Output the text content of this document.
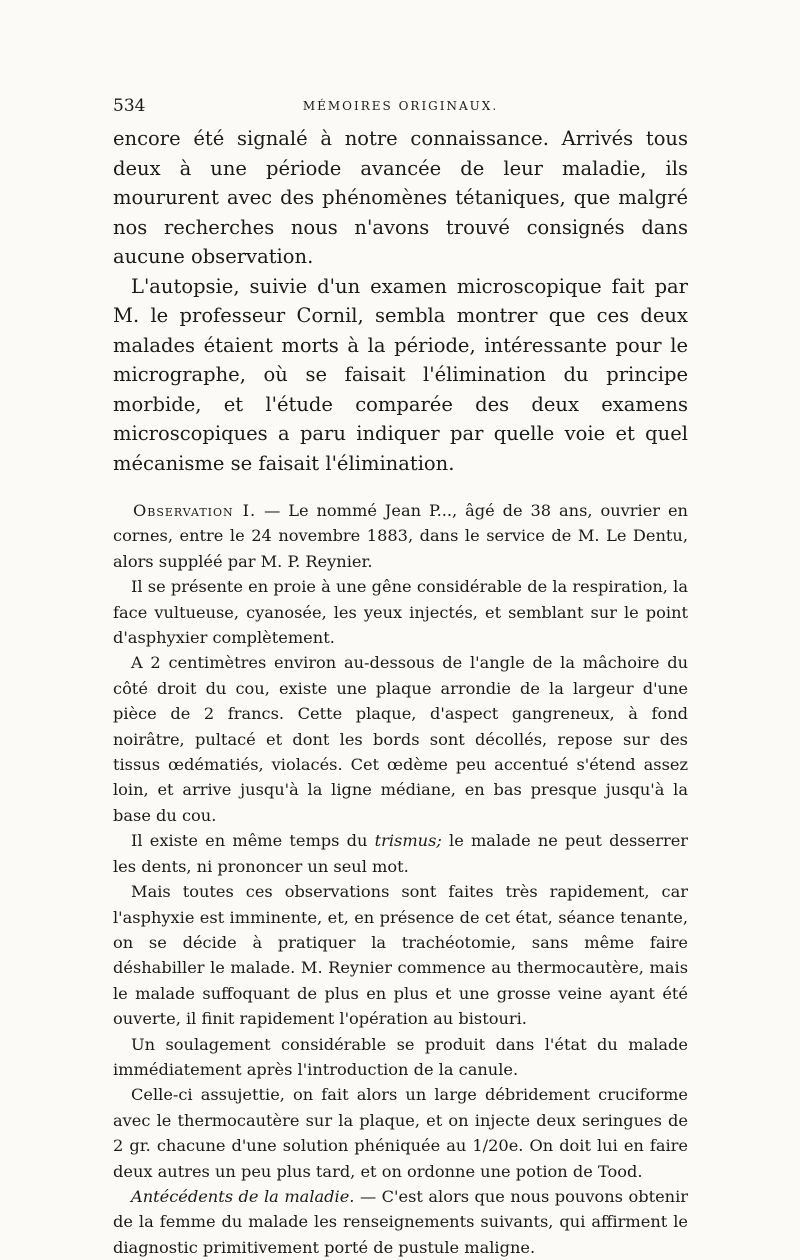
534	MÉMOIRES ORIGINAUX.

encore été signalé à notre connaissance. Arrivés tous deux à une période avancée de leur maladie, ils moururent avec des phénomènes tétaniques, que malgré nos recherches nous n'avons trouvé consignés dans aucune observation.

L'autopsie, suivie d'un examen microscopique fait par M. le professeur Cornil, sembla montrer que ces deux malades étaient morts à la période, intéressante pour le micrographe, où se faisait l'élimination du principe morbide, et l'étude comparée des deux examens microscopiques a paru indiquer par quelle voie et quel mécanisme se faisait l'élimination.

Observation I. — Le nommé Jean P..., âgé de 38 ans, ouvrier en cornes, entre le 24 novembre 1883, dans le service de M. Le Dentu, alors suppléé par M. P. Reynier.

Il se présente en proie à une gêne considérable de la respiration, la face vultueuse, cyanosée, les yeux injectés, et semblant sur le point d'asphyxier complètement.

A 2 centimètres environ au-dessous de l'angle de la mâchoire du côté droit du cou, existe une plaque arrondie de la largeur d'une pièce de 2 francs. Cette plaque, d'aspect gangreneux, à fond noirâtre, pultacé et dont les bords sont décollés, repose sur des tissus œdématiés, violacés. Cet œdème peu accentué s'étend assez loin, et arrive jusqu'à la ligne médiane, en bas presque jusqu'à la base du cou.

Il existe en même temps du trismus; le malade ne peut desserrer les dents, ni prononcer un seul mot.

Mais toutes ces observations sont faites très rapidement, car l'asphyxie est imminente, et, en présence de cet état, séance tenante, on se décide à pratiquer la trachéotomie, sans même faire déshabiller le malade. M. Reynier commence au thermocautère, mais le malade suffoquant de plus en plus et une grosse veine ayant été ouverte, il finit rapidement l'opération au bistouri.

Un soulagement considérable se produit dans l'état du malade immédiatement après l'introduction de la canule.

Celle-ci assujettie, on fait alors un large débridement cruciforme avec le thermocautère sur la plaque, et on injecte deux seringues de 2 gr. chacune d'une solution phéniquée au 1/20e. On doit lui en faire deux autres un peu plus tard, et on ordonne une potion de Tood.

Antécédents de la maladie. — C'est alors que nous pouvons obtenir de la femme du malade les renseignements suivants, qui affirment le diagnostic primitivement porté de pustule maligne.
